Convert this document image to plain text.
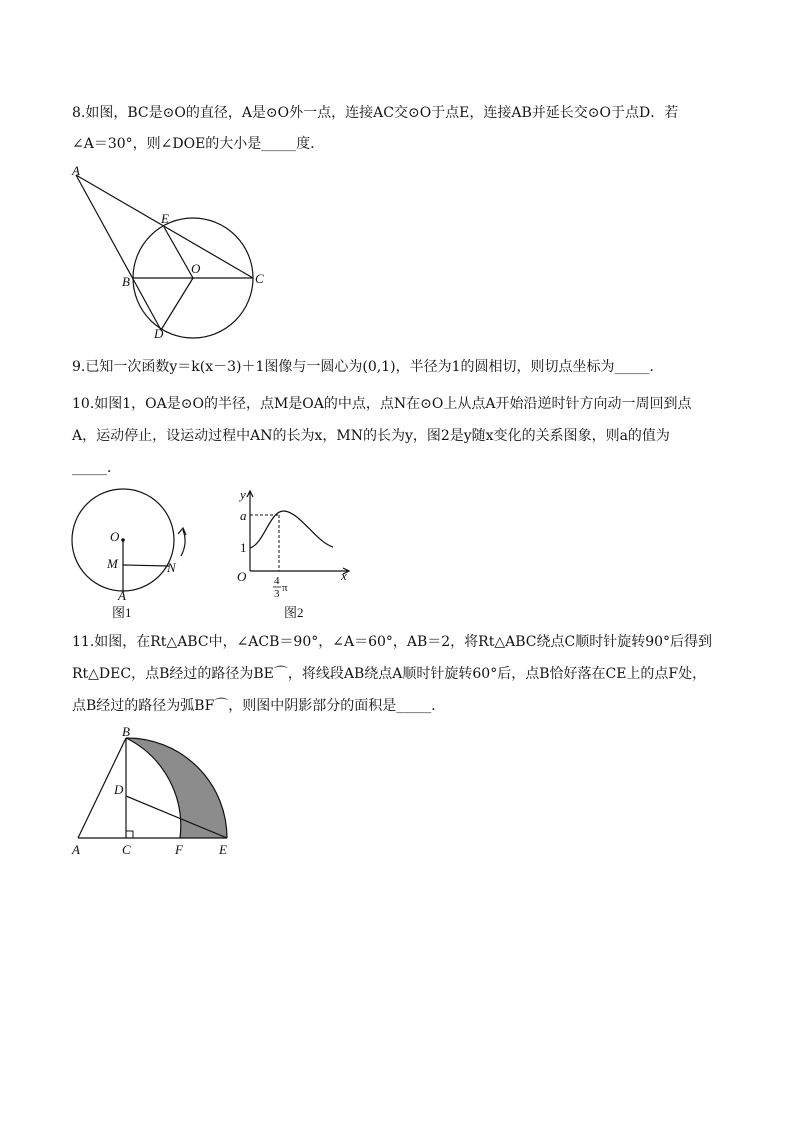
8.如图，BC是⊙O的直径，A是⊙O外一点，连接AC交⊙O于点E，连接AB并延长交⊙O于点D．若
∠A＝30°，则∠DOE的大小是_____度．
A
E
O
B	C
D
9.已知一次函数y＝k(x－3)＋1图像与一圆心为(0,1)，半径为1的圆相切，则切点坐标为_____．
10.如图1，OA是⊙O的半径，点M是OA的中点，点N在⊙O上从点A开始沿逆时针方向动一周回到点
A，运动停止，设运动过程中AN的长为x，MN的长为y，图2是y随x变化的关系图象，则a的值为
_____．
O
M	N
A
图1
y
a
1
O	x
4
3 π
图2
11.如图，在Rt△ABC中，∠ACB＝90°，∠A＝60°，AB＝2，将Rt△ABC绕点C顺时针旋转90°后得到
Rt△DEC，点B经过的路径为BE⌒，将线段AB绕点A顺时针旋转60°后，点B恰好落在CE上的点F处，
点B经过的路径为弧BF⌒，则图中阴影部分的面积是_____．
B
D
A	C	F	E
